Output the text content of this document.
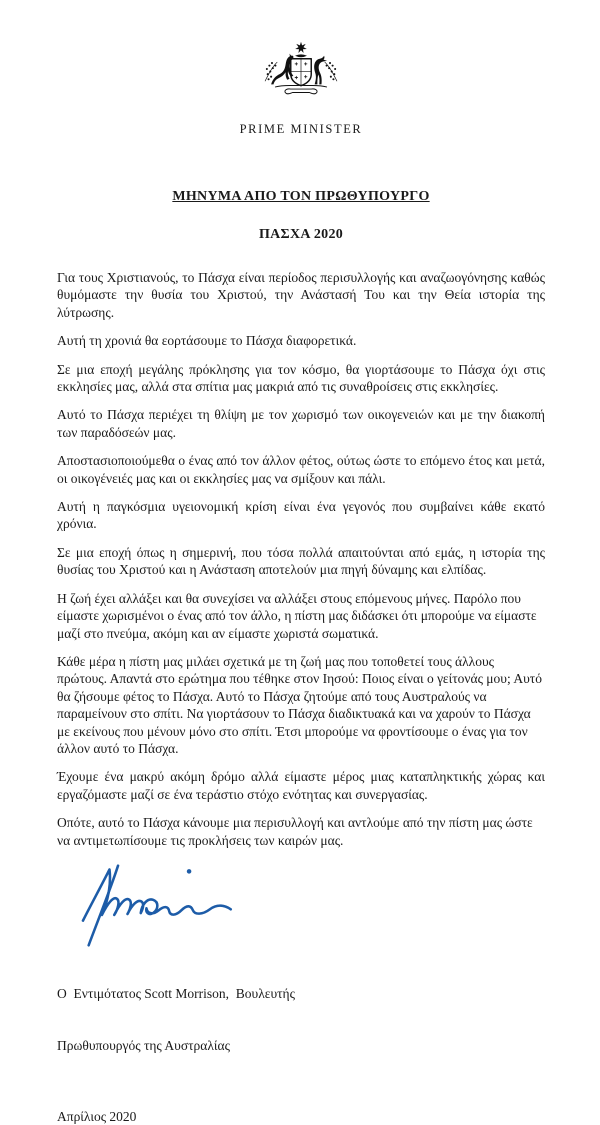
PRIME MINISTER
ΜΗΝΥΜΑ ΑΠΟ ΤΟΝ ΠΡΩΘΥΠΟΥΡΓΟ
ΠΑΣΧΑ 2020

Για τους Χριστιανούς, το Πάσχα είναι περίοδος περισυλλογής και αναζωογόνησης καθώς θυμόμαστε την θυσία του Χριστού, την Ανάστασή Του και την Θεία ιστορία της λύτρωσης.

Αυτή τη χρονιά θα εορτάσουμε το Πάσχα διαφορετικά.

Σε μια εποχή μεγάλης πρόκλησης για τον κόσμο, θα γιορτάσουμε το Πάσχα όχι στις εκκλησίες μας, αλλά στα σπίτια μας μακριά από τις συναθροίσεις στις εκκλησίες.

Αυτό το Πάσχα περιέχει τη θλίψη με τον χωρισμό των οικογενειών και με την διακοπή των παραδόσεών μας.

Αποστασιοποιούμεθα ο ένας από τον άλλον φέτος, ούτως ώστε το επόμενο έτος και μετά, οι οικογένειές μας και οι εκκλησίες μας να σμίξουν και πάλι.

Αυτή η παγκόσμια υγειονομική κρίση είναι ένα γεγονός που συμβαίνει κάθε εκατό χρόνια.

Σε μια εποχή όπως η σημερινή, που τόσα πολλά απαιτούνται από εμάς, η ιστορία της θυσίας του Χριστού και η Ανάσταση αποτελούν μια πηγή δύναμης και ελπίδας.

Η ζωή έχει αλλάξει και θα συνεχίσει να αλλάξει στους επόμενους μήνες. Παρόλο που είμαστε χωρισμένοι ο ένας από τον άλλο, η πίστη μας διδάσκει ότι μπορούμε να είμαστε μαζί στο πνεύμα, ακόμη και αν είμαστε χωριστά σωματικά.

Κάθε μέρα η πίστη μας μιλάει σχετικά με τη ζωή μας που τοποθετεί τους άλλους πρώτους. Απαντά στο ερώτημα που τέθηκε στον Ιησού: Ποιος είναι ο γείτονάς μου; Αυτό θα ζήσουμε φέτος το Πάσχα. Αυτό το Πάσχα ζητούμε από τους Αυστραλούς να παραμείνουν στο σπίτι. Να γιορτάσουν το Πάσχα διαδικτυακά και να χαρούν το Πάσχα με εκείνους που μένουν μόνο στο σπίτι. Έτσι μπορούμε να φροντίσουμε ο ένας για τον άλλον αυτό το Πάσχα.

Έχουμε ένα μακρύ ακόμη δρόμο αλλά είμαστε μέρος μιας καταπληκτικής χώρας και εργαζόμαστε μαζί σε ένα τεράστιο στόχο ενότητας και συνεργασίας.

Οπότε, αυτό το Πάσχα κάνουμε μια περισυλλογή και αντλούμε από την πίστη μας ώστε να αντιμετωπίσουμε τις προκλήσεις των καιρών μας.

Ο  Εντιμότατος Scott Morrison,  Βουλευτής

Πρωθυπουργός της Αυστραλίας

Απρίλιος 2020
